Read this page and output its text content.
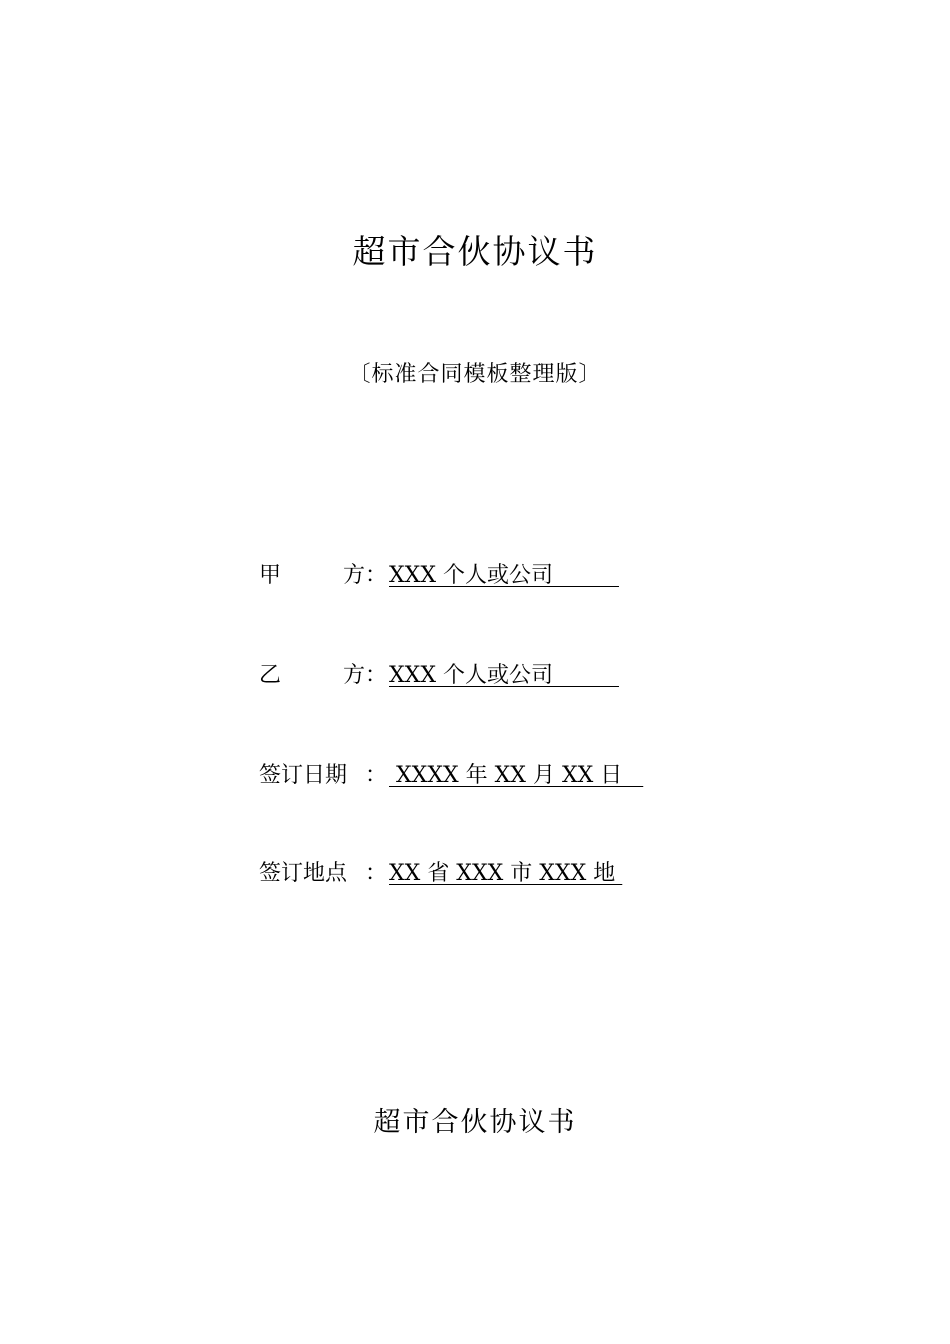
超市合伙协议书
〔标准合同模板整理版〕
甲	方 ：XXX 个人或公司　　　
乙	方 ：XXX 个人或公司　　　
签订日期 ： XXXX 年 XX 月 XX 日
签订地点 ：XX 省 XXX 市 XXX 地
超市合伙协议书
